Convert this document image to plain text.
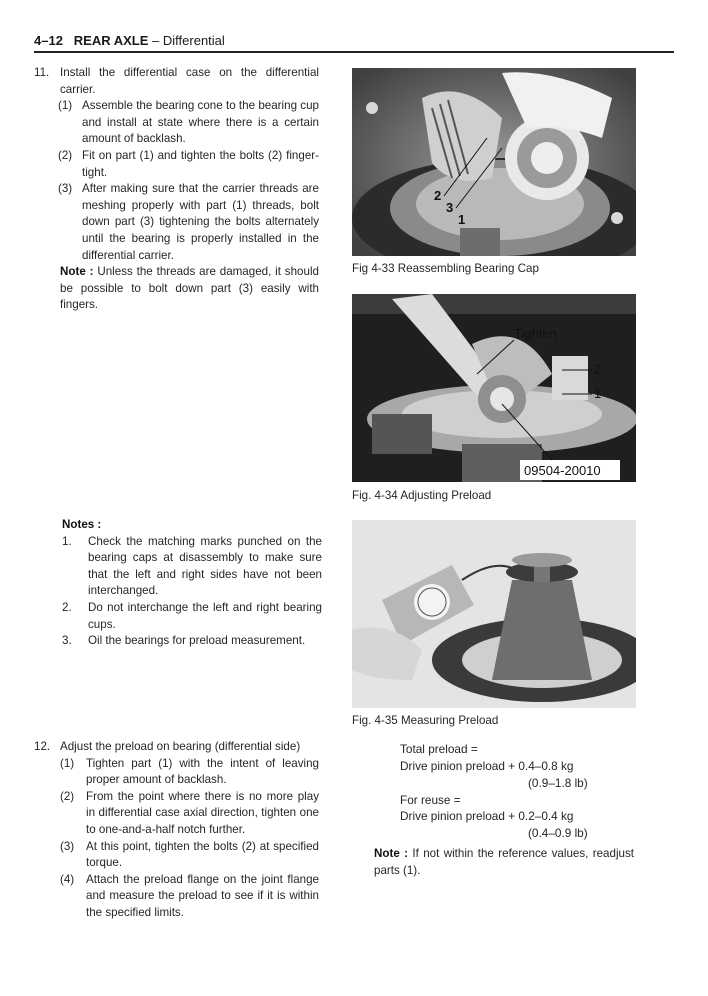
4–12 REAR AXLE – Differential
11. Install the differential case on the differential carrier.
(1) Assemble the bearing cone to the bearing cup and install at state where there is a certain amount of backlash.
(2) Fit on part (1) and tighten the bolts (2) finger-tight.
(3) After making sure that the carrier threads are meshing properly with part (1) threads, bolt down part (3) tightening the bolts alternately until the bearing is properly installed in the differential carrier.
Note : Unless the threads are damaged, it should be possible to bolt down part (3) easily with fingers.
Notes :
1. Check the matching marks punched on the bearing caps at disassembly to make sure that the left and right sides have not been interchanged.
2. Do not interchange the left and right bearing cups.
3. Oil the bearings for preload measurement.
12. Adjust the preload on bearing (differential side)
(1) Tighten part (1) with the intent of leaving proper amount of backlash.
(2) From the point where there is no more play in differential case axial direction, tighten one to one-and-a-half notch further.
(3) At this point, tighten the bolts (2) at specified torque.
(4) Attach the preload flange on the joint flange and measure the preload to see if it is within the specified limits.
2
3
1
Fig 4-33 Reassembling Bearing Cap
Tighten
2
1
09504-20010
Fig. 4-34 Adjusting Preload
Fig. 4-35 Measuring Preload
Total preload =
Drive pinion preload + 0.4–0.8 kg
(0.9–1.8 lb)
For reuse =
Drive pinion preload + 0.2–0.4 kg
(0.4–0.9 lb)
Note : If not within the reference values, readjust parts (1).
